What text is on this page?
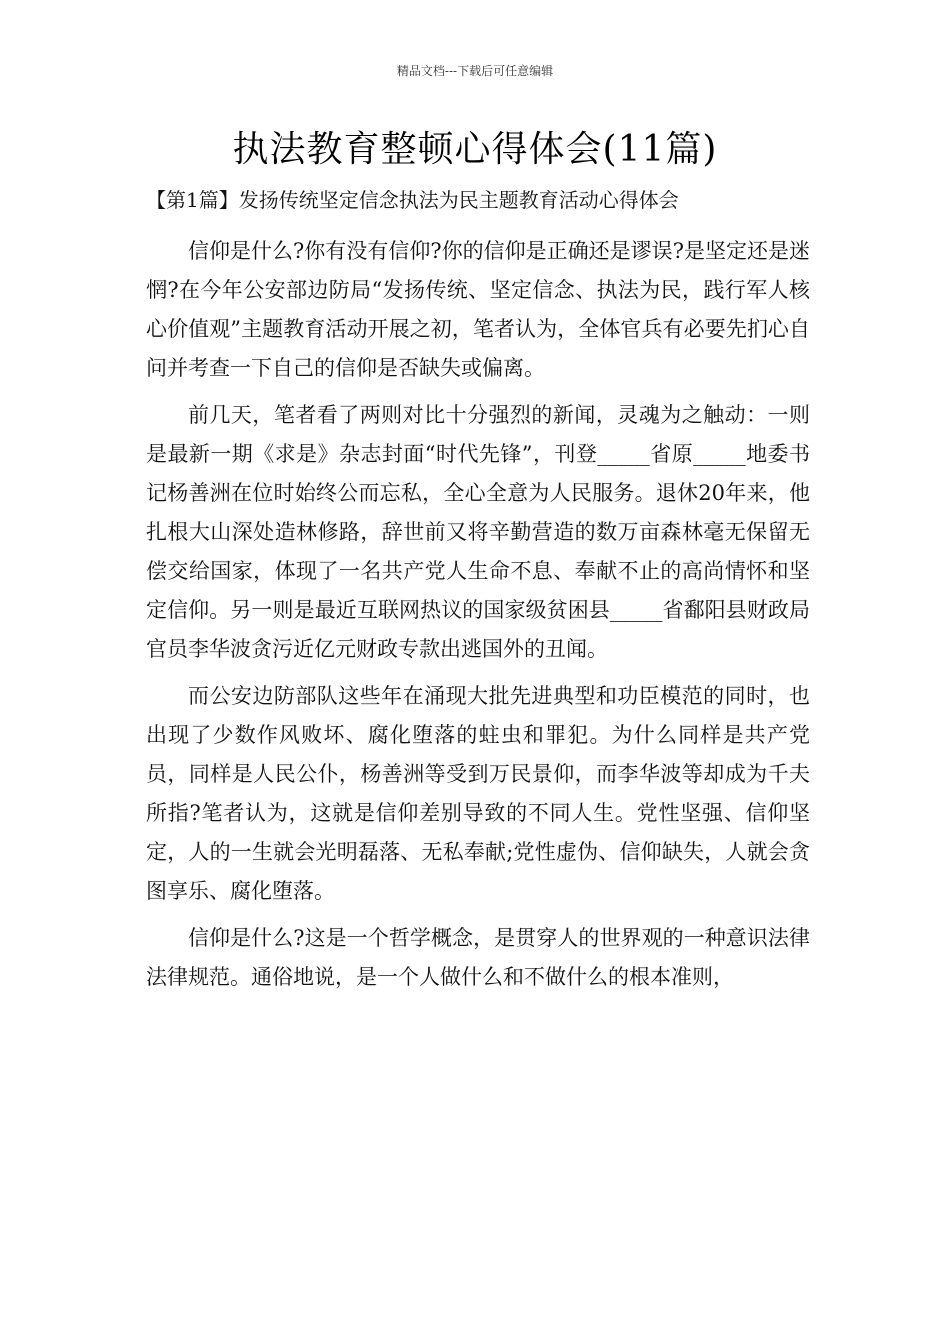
精品文档---下载后可任意编辑
执法教育整顿心得体会(11篇)
【第1篇】发扬传统坚定信念执法为民主题教育活动心得体会

信仰是什么?你有没有信仰?你的信仰是正确还是谬误?是坚定还是迷惘?在今年公安部边防局“发扬传统、坚定信念、执法为民，践行军人核心价值观”主题教育活动开展之初，笔者认为，全体官兵有必要先扪心自问并考查一下自己的信仰是否缺失或偏离。

前几天，笔者看了两则对比十分强烈的新闻，灵魂为之触动：一则是最新一期《求是》杂志封面“时代先锋”，刊登_____省原_____地委书记杨善洲在位时始终公而忘私，全心全意为人民服务。退休20年来，他扎根大山深处造林修路，辞世前又将辛勤营造的数万亩森林毫无保留无偿交给国家，体现了一名共产党人生命不息、奉献不止的高尚情怀和坚定信仰。另一则是最近互联网热议的国家级贫困县_____省鄱阳县财政局官员李华波贪污近亿元财政专款出逃国外的丑闻。

而公安边防部队这些年在涌现大批先进典型和功臣模范的同时，也出现了少数作风败坏、腐化堕落的蛀虫和罪犯。为什么同样是共产党员，同样是人民公仆，杨善洲等受到万民景仰，而李华波等却成为千夫所指?笔者认为，这就是信仰差别导致的不同人生。党性坚强、信仰坚定，人的一生就会光明磊落、无私奉献;党性虚伪、信仰缺失，人就会贪图享乐、腐化堕落。

信仰是什么?这是一个哲学概念，是贯穿人的世界观的一种意识法律法律规范。通俗地说，是一个人做什么和不做什么的根本准则，
